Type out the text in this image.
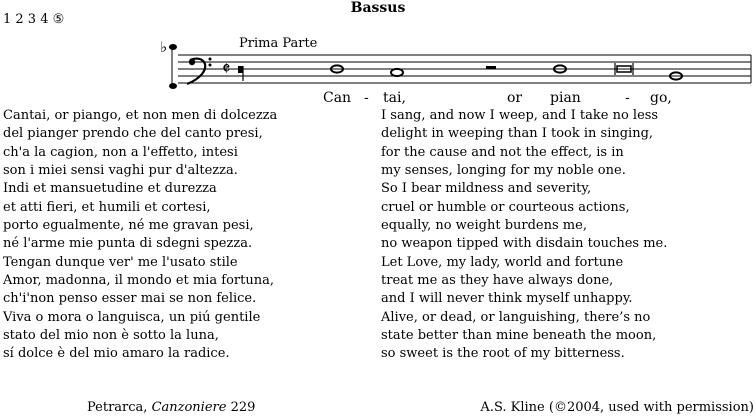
1 2 3 4 ⑤
Bassus
Prima Parte
♭
𝄵
Can - tai,	or pian	- go,
Cantai, or piango, et non men di dolcezza
del pianger prendo che del canto presi,
ch'a la cagion, non a l'effetto, intesi
son i miei sensi vaghi pur d'altezza.
Indi et mansuetudine et durezza
et atti fieri, et humili et cortesi,
porto egualmente, né me gravan pesi,
né l'arme mie punta di sdegni spezza.
Tengan dunque ver' me l'usato stile
Amor, madonna, il mondo et mia fortuna,
ch'i'non penso esser mai se non felice.
Viva o mora o languisca, un piú gentile
stato del mio non è sotto la luna,
sí dolce è del mio amaro la radice.
I sang, and now I weep, and I take no less
delight in weeping than I took in singing,
for the cause and not the effect, is in
my senses, longing for my noble one.
So I bear mildness and severity,
cruel or humble or courteous actions,
equally, no weight burdens me,
no weapon tipped with disdain touches me.
Let Love, my lady, world and fortune
treat me as they have always done,
and I will never think myself unhappy.
Alive, or dead, or languishing, there’s no
state better than mine beneath the moon,
so sweet is the root of my bitterness.
Petrarca, Canzoniere 229	A.S. Kline (©2004, used with permission)
